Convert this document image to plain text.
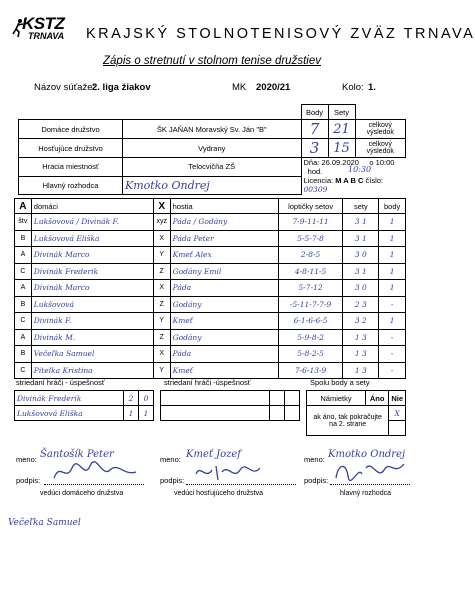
KSTZ
TRNAVA KRAJSKÝ STOLNOTENISOVÝ ZVÄZ TRNAVA
Zápis o stretnutí v stolnom tenise družstiev
Názov súťaže:
2. liga žiakov	MK 2020/21	Kolo: 1.
		Body	Sety	
Domáce družstvo	ŠK JAŇAN Moravský Sv. Ján "B"	7	21	celkový výsledok
Hosťujúce družstvo	Vydrany	3	15	celkový výsledok
Hracia miestnosť	Telocvičňa ZŠ	Dňa: 26.09.2020 o 10:00   hod.		
Hlavný rozhodca	Kmotko Ondrej	Licencia: M A B C číslo: 00309		
10:30
A	domáci	X	hostia	loptičky setov	sety	body
štv	Lukšovová / Divinák F.	xyz	Páda / Godány	7-9-11-11	3 1	1
B	Lukšovová Eliška	X	Páda Peter	5-5-7-8	3 1	1
A	Divinák Marco	Y	Kmeť Alex	2-8-5	3 0	1
C	Divinák Frederik	Z	Godány Emil	4-8-11-5	3 1	1
A	Divinák Marco	X	Páda	5-7-12	3 0	1
B	Lukšovová	Z	Godány	-5-11-7-7-9	2 3	-
C	Divinák F.	Y	Kmeť	6-1-6-6-5	3 2	1
A	Divinák M.	Z	Godány	5-9-8-2	1 3	-
B	Večeľka Samuel	X	Páda	5-8-2-5	1 3	-
C	Pitelka Kristina	Y	Kmeť	7-6-13-9	1 3	-
striedaní hráči - úspešnosť	striedaní hráči -úspešnosť	Spolu body a sety
Divinák Frederik	2	0
Lukšovová Eliška	1	1

Námietky	Áno	Nie
ak áno, tak pokračujte na 2. strane		X

meno: Šantošík Peter
podpis:
vedúci domáceho družstva
meno: Kmeť Jozef
podpis:
vedúci hosťujúceho družstva
meno: Kmotko Ondrej
podpis:
hlavný rozhodca
Večeľka Samuel
